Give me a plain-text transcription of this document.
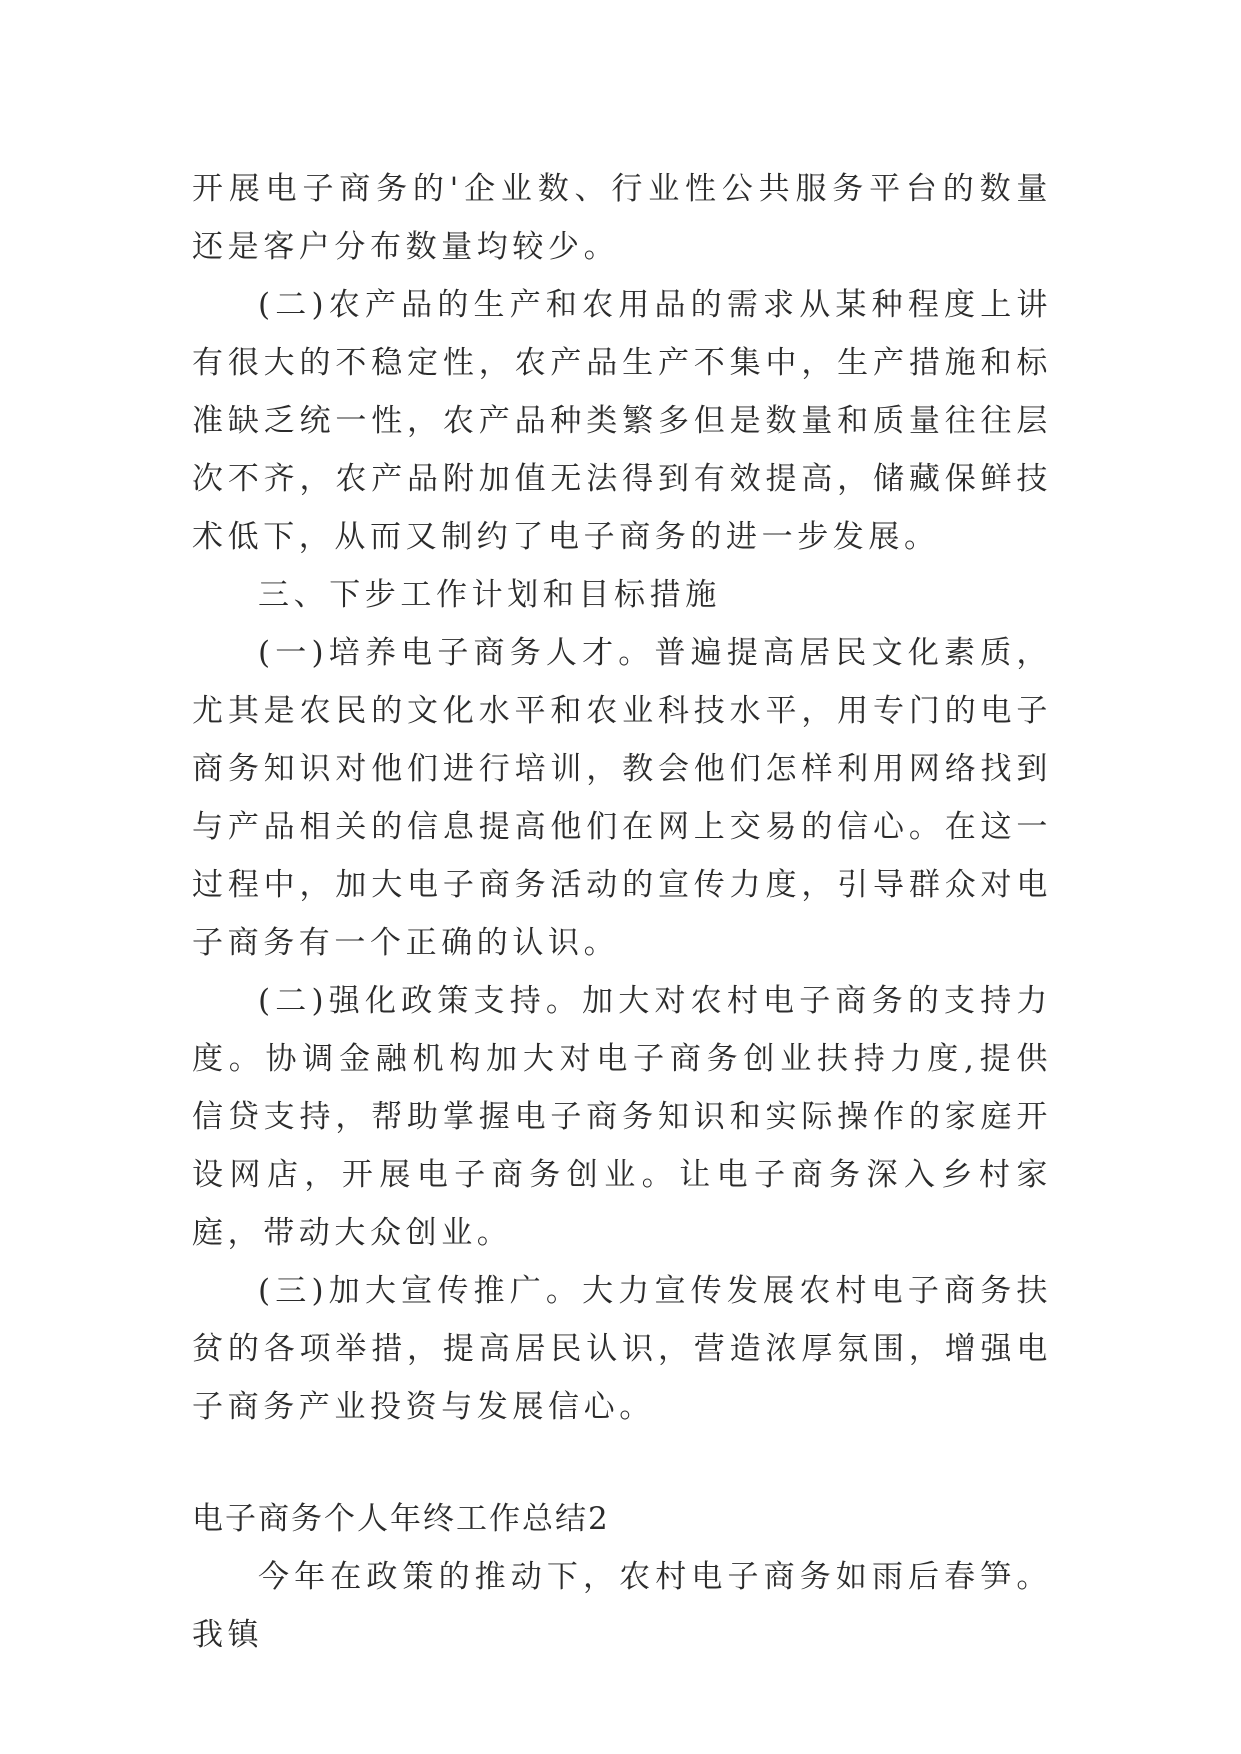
开展电子商务的'企业数、行业性公共服务平台的数量还是客户分布数量均较少。

(二)农产品的生产和农用品的需求从某种程度上讲有很大的不稳定性，农产品生产不集中，生产措施和标准缺乏统一性，农产品种类繁多但是数量和质量往往层次不齐，农产品附加值无法得到有效提高，储藏保鲜技术低下，从而又制约了电子商务的进一步发展。

三、下步工作计划和目标措施

(一)培养电子商务人才。普遍提高居民文化素质，尤其是农民的文化水平和农业科技水平，用专门的电子商务知识对他们进行培训，教会他们怎样利用网络找到与产品相关的信息提高他们在网上交易的信心。在这一过程中，加大电子商务活动的宣传力度，引导群众对电子商务有一个正确的认识。

(二)强化政策支持。加大对农村电子商务的支持力度。协调金融机构加大对电子商务创业扶持力度,提供信贷支持，帮助掌握电子商务知识和实际操作的家庭开设网店，开展电子商务创业。让电子商务深入乡村家庭，带动大众创业。

(三)加大宣传推广。大力宣传发展农村电子商务扶贫的各项举措，提高居民认识，营造浓厚氛围，增强电子商务产业投资与发展信心。

电子商务个人年终工作总结2

今年在政策的推动下，农村电子商务如雨后春笋。我镇
